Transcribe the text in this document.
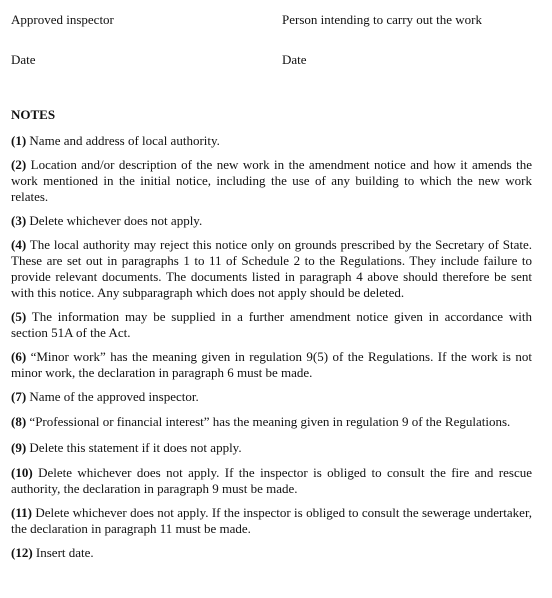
Approved inspector	Person intending to carry out the work
Date	Date
NOTES

(1) Name and address of local authority.

(2) Location and/or description of the new work in the amendment notice and how it amends the work mentioned in the initial notice, including the use of any building to which the new work relates.

(3) Delete whichever does not apply.

(4) The local authority may reject this notice only on grounds prescribed by the Secretary of State. These are set out in paragraphs 1 to 11 of Schedule 2 to the Regulations. They include failure to provide relevant documents. The documents listed in paragraph 4 above should therefore be sent with this notice. Any subparagraph which does not apply should be deleted.

(5) The information may be supplied in a further amendment notice given in accordance with section 51A of the Act.

(6) “Minor work” has the meaning given in regulation 9(5) of the Regulations. If the work is not minor work, the declaration in paragraph 6 must be made.

(7) Name of the approved inspector.

(8) “Professional or financial interest” has the meaning given in regulation 9 of the Regulations.

(9) Delete this statement if it does not apply.

(10) Delete whichever does not apply. If the inspector is obliged to consult the fire and rescue authority, the declaration in paragraph 9 must be made.

(11) Delete whichever does not apply. If the inspector is obliged to consult the sewerage undertaker, the declaration in paragraph 11 must be made.

(12) Insert date.
